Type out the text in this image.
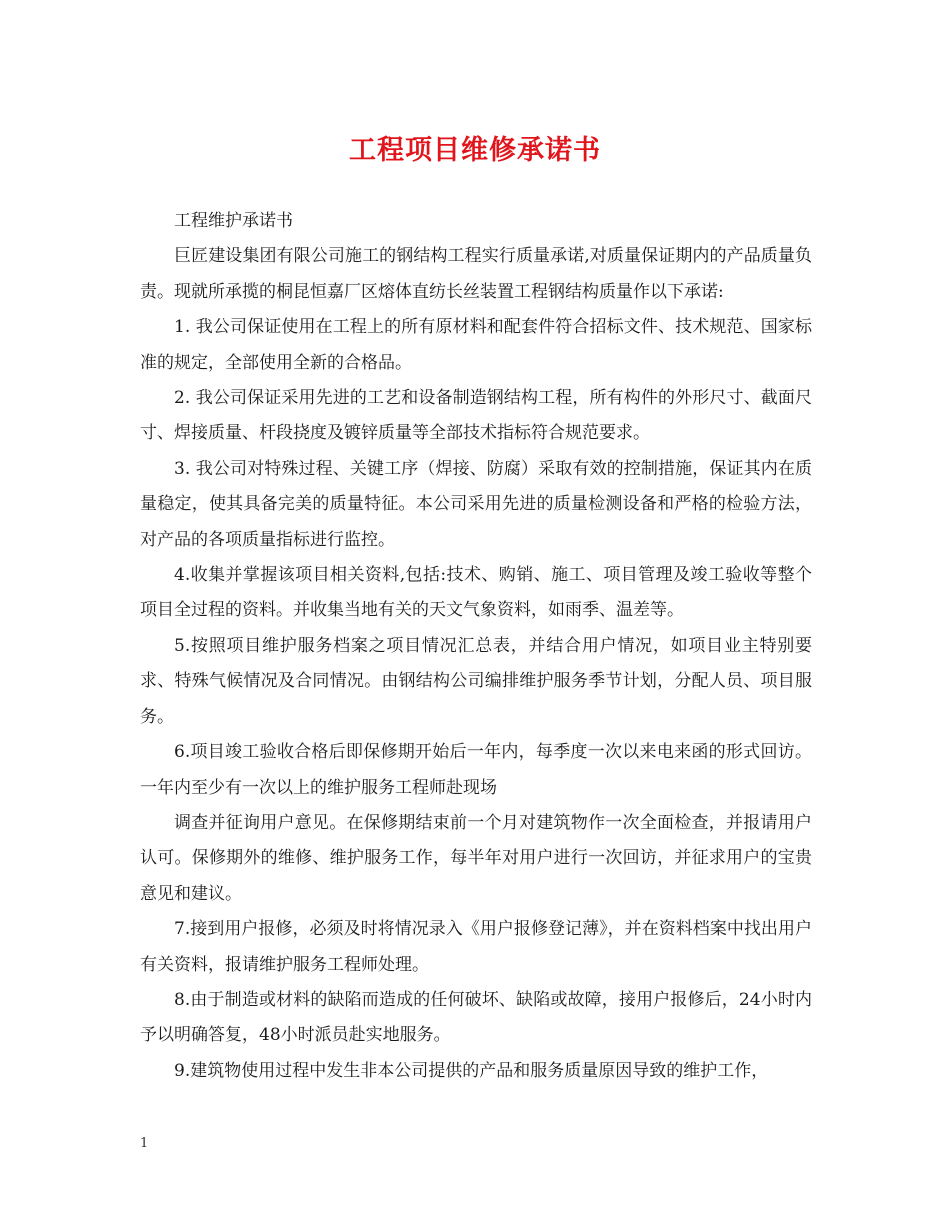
工程项目维修承诺书

工程维护承诺书

巨匠建设集团有限公司施工的钢结构工程实行质量承诺,对质量保证期内的产品质量负责。现就所承揽的桐昆恒嘉厂区熔体直纺长丝装置工程钢结构质量作以下承诺:

1. 我公司保证使用在工程上的所有原材料和配套件符合招标文件、技术规范、国家标准的规定，全部使用全新的合格品。

2. 我公司保证采用先进的工艺和设备制造钢结构工程，所有构件的外形尺寸、截面尺寸、焊接质量、杆段挠度及镀锌质量等全部技术指标符合规范要求。

3. 我公司对特殊过程、关键工序（焊接、防腐）采取有效的控制措施，保证其内在质量稳定，使其具备完美的质量特征。本公司采用先进的质量检测设备和严格的检验方法，对产品的各项质量指标进行监控。

4.收集并掌握该项目相关资料,包括:技术、购销、施工、项目管理及竣工验收等整个项目全过程的资料。并收集当地有关的天文气象资料，如雨季、温差等。

5.按照项目维护服务档案之项目情况汇总表，并结合用户情况，如项目业主特别要求、特殊气候情况及合同情况。由钢结构公司编排维护服务季节计划，分配人员、项目服务。

6.项目竣工验收合格后即保修期开始后一年内，每季度一次以来电来函的形式回访。一年内至少有一次以上的维护服务工程师赴现场

调查并征询用户意见。在保修期结束前一个月对建筑物作一次全面检查，并报请用户认可。保修期外的维修、维护服务工作，每半年对用户进行一次回访，并征求用户的宝贵意见和建议。

7.接到用户报修，必须及时将情况录入《用户报修登记薄》，并在资料档案中找出用户有关资料，报请维护服务工程师处理。

8.由于制造或材料的缺陷而造成的任何破坏、缺陷或故障，接用户报修后，24小时内予以明确答复，48小时派员赴实地服务。

9.建筑物使用过程中发生非本公司提供的产品和服务质量原因导致的维护工作，

1
